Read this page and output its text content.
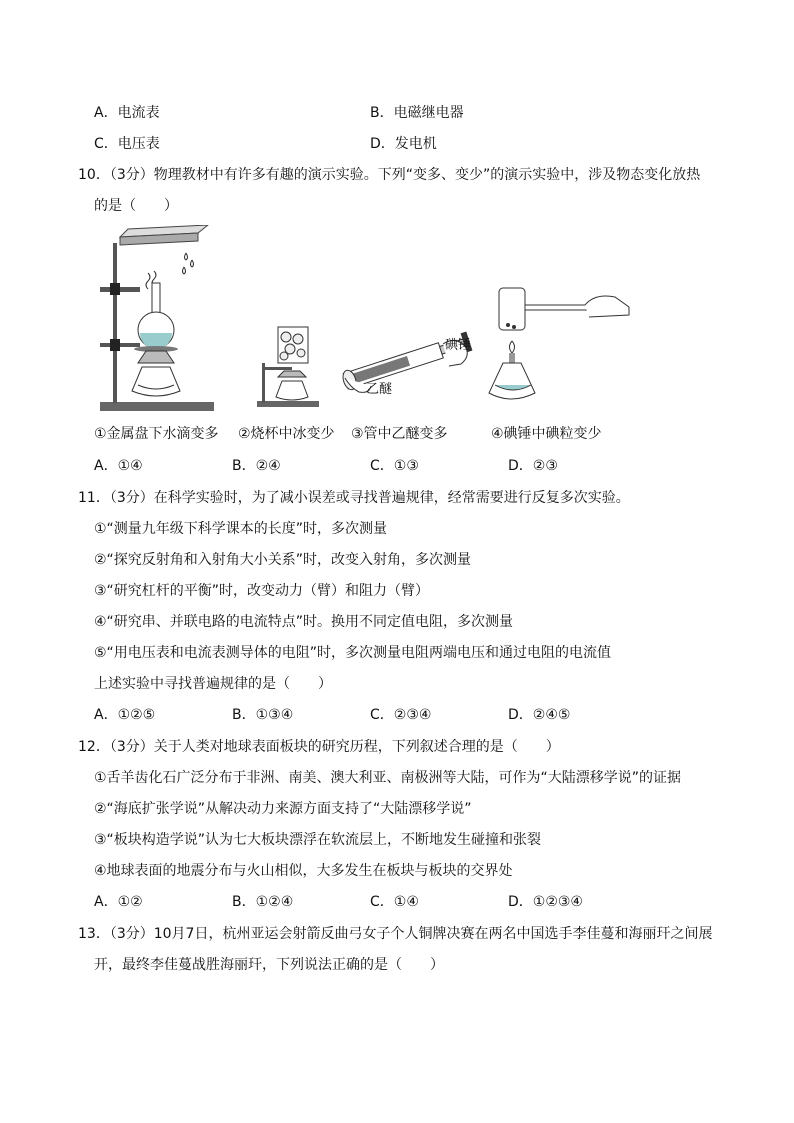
A．电流表	B．电磁继电器
C．电压表	D．发电机
10．（3分）物理教材中有许多有趣的演示实验。下列“变多、变少”的演示实验中，涉及物态变化放热
的是（　　）
碘锤
乙醚
①金属盘下水滴变多 ②烧杯中冰变少 ③管中乙醚变多	④碘锤中碘粒变少
A．①④	B．②④	C．①③	D．②③
11．（3分）在科学实验时，为了减小误差或寻找普遍规律，经常需要进行反复多次实验。
①“测量九年级下科学课本的长度”时，多次测量
②“探究反射角和入射角大小关系”时，改变入射角，多次测量
③“研究杠杆的平衡”时，改变动力（臂）和阻力（臂）
④“研究串、并联电路的电流特点”时。换用不同定值电阻，多次测量
⑤“用电压表和电流表测导体的电阻”时，多次测量电阻两端电压和通过电阻的电流值
上述实验中寻找普遍规律的是（　　）
A．①②⑤	B．①③④	C．②③④	D．②④⑤
12．（3分）关于人类对地球表面板块的研究历程，下列叙述合理的是（　　）
①舌羊齿化石广泛分布于非洲、南美、澳大利亚、南极洲等大陆，可作为“大陆漂移学说”的证据
②“海底扩张学说”从解决动力来源方面支持了“大陆漂移学说”
③“板块构造学说”认为七大板块漂浮在软流层上，不断地发生碰撞和张裂
④地球表面的地震分布与火山相似，大多发生在板块与板块的交界处
A．①②	B．①②④	C．①④	D．①②③④
13．（3分）10月7日，杭州亚运会射箭反曲弓女子个人铜牌决赛在两名中国选手李佳蔓和海丽玕之间展
开，最终李佳蔓战胜海丽玕，下列说法正确的是（　　）
